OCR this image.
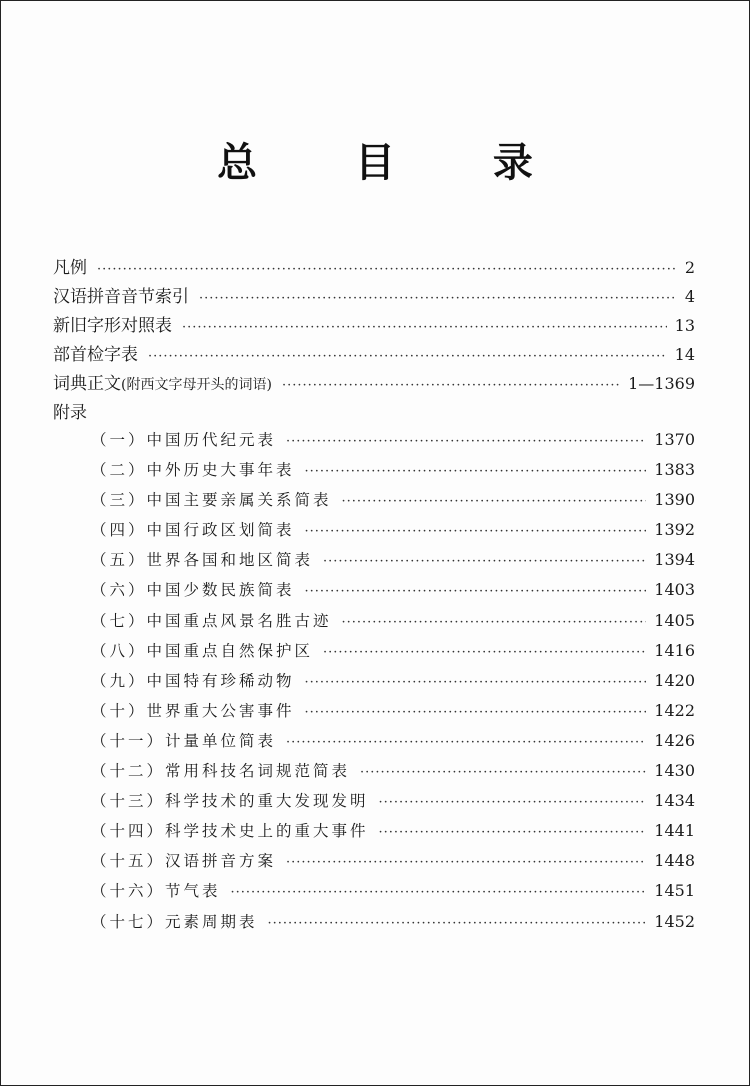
总 目 录
凡例 ·····	2
汉语拼音音节索引 ·····	4
新旧字形对照表 ·····	13
部首检字表 ·····	14
词典正文(附西文字母开头的词语) ·····	1—1369
附录
（一）中国历代纪元表 ·····	1370
（二）中外历史大事年表 ·····	1383
（三）中国主要亲属关系简表 ·····	1390
（四）中国行政区划简表 ·····	1392
（五）世界各国和地区简表 ·····	1394
（六）中国少数民族简表 ·····	1403
（七）中国重点风景名胜古迹 ·····	1405
（八）中国重点自然保护区 ·····	1416
（九）中国特有珍稀动物 ·····	1420
（十）世界重大公害事件 ·····	1422
（十一）计量单位简表 ·····	1426
（十二）常用科技名词规范简表 ·····	1430
（十三）科学技术的重大发现发明 ·····	1434
（十四）科学技术史上的重大事件 ·····	1441
（十五）汉语拼音方案 ·····	1448
（十六）节气表 ·····	1451
（十七）元素周期表 ·····	1452
